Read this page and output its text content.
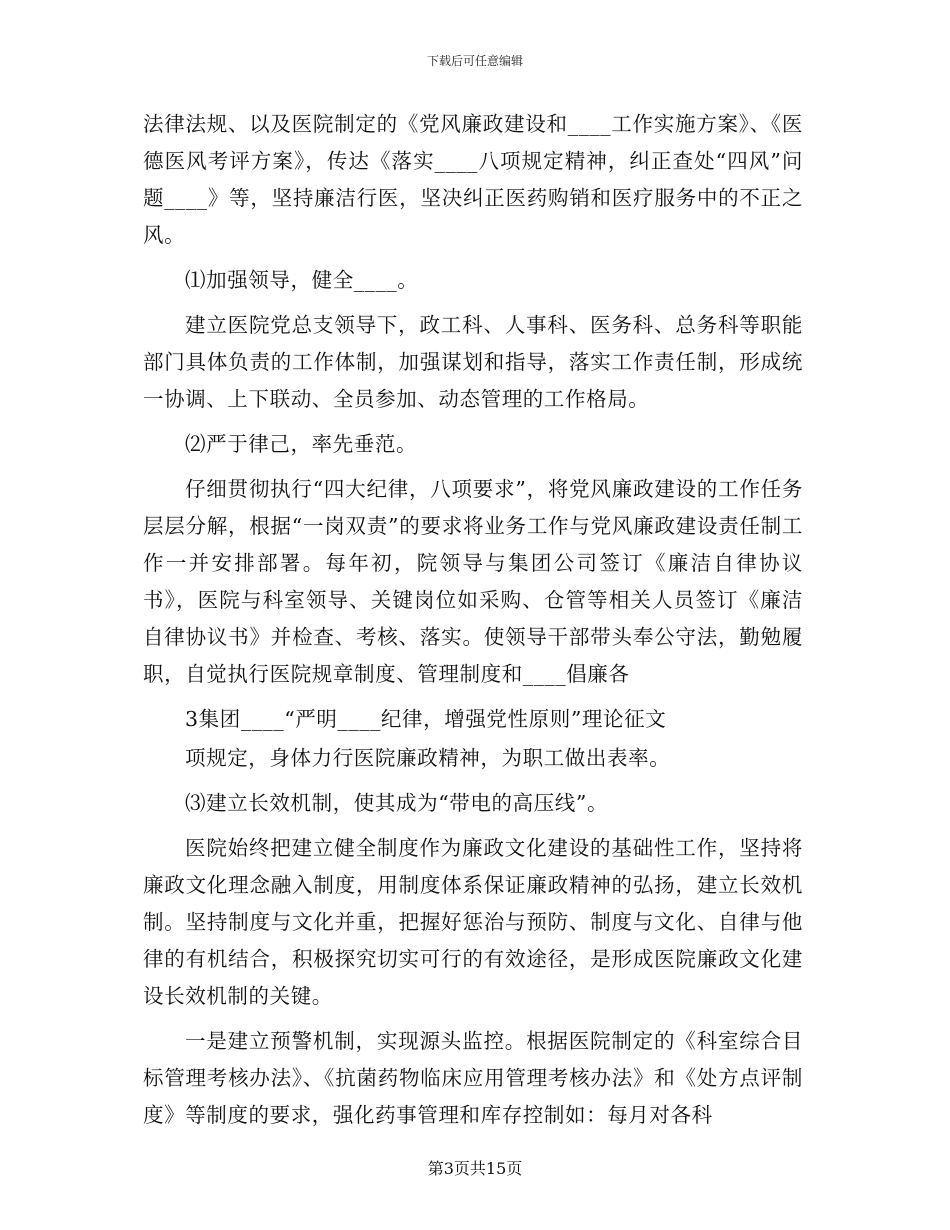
下载后可任意编辑

法律法规、以及医院制定的《党风廉政建设和____工作实施方案》、《医德医风考评方案》，传达《落实____八项规定精神，纠正查处“四风”问题____》等，坚持廉洁行医，坚决纠正医药购销和医疗服务中的不正之风。

⑴加强领导，健全____。

建立医院党总支领导下，政工科、人事科、医务科、总务科等职能部门具体负责的工作体制，加强谋划和指导，落实工作责任制，形成统一协调、上下联动、全员参加、动态管理的工作格局。

⑵严于律己，率先垂范。

仔细贯彻执行“四大纪律，八项要求”，将党风廉政建设的工作任务层层分解，根据“一岗双责”的要求将业务工作与党风廉政建设责任制工作一并安排部署。每年初，院领导与集团公司签订《廉洁自律协议书》，医院与科室领导、关键岗位如采购、仓管等相关人员签订《廉洁自律协议书》并检查、考核、落实。使领导干部带头奉公守法，勤勉履职，自觉执行医院规章制度、管理制度和____倡廉各

3集团____“严明____纪律，增强党性原则”理论征文

项规定，身体力行医院廉政精神，为职工做出表率。

⑶建立长效机制，使其成为“带电的高压线”。

医院始终把建立健全制度作为廉政文化建设的基础性工作，坚持将廉政文化理念融入制度，用制度体系保证廉政精神的弘扬，建立长效机制。坚持制度与文化并重，把握好惩治与预防、制度与文化、自律与他律的有机结合，积极探究切实可行的有效途径，是形成医院廉政文化建设长效机制的关键。

一是建立预警机制，实现源头监控。根据医院制定的《科室综合目标管理考核办法》、《抗菌药物临床应用管理考核办法》和《处方点评制度》等制度的要求，强化药事管理和库存控制如：每月对各科

第3页共15页
